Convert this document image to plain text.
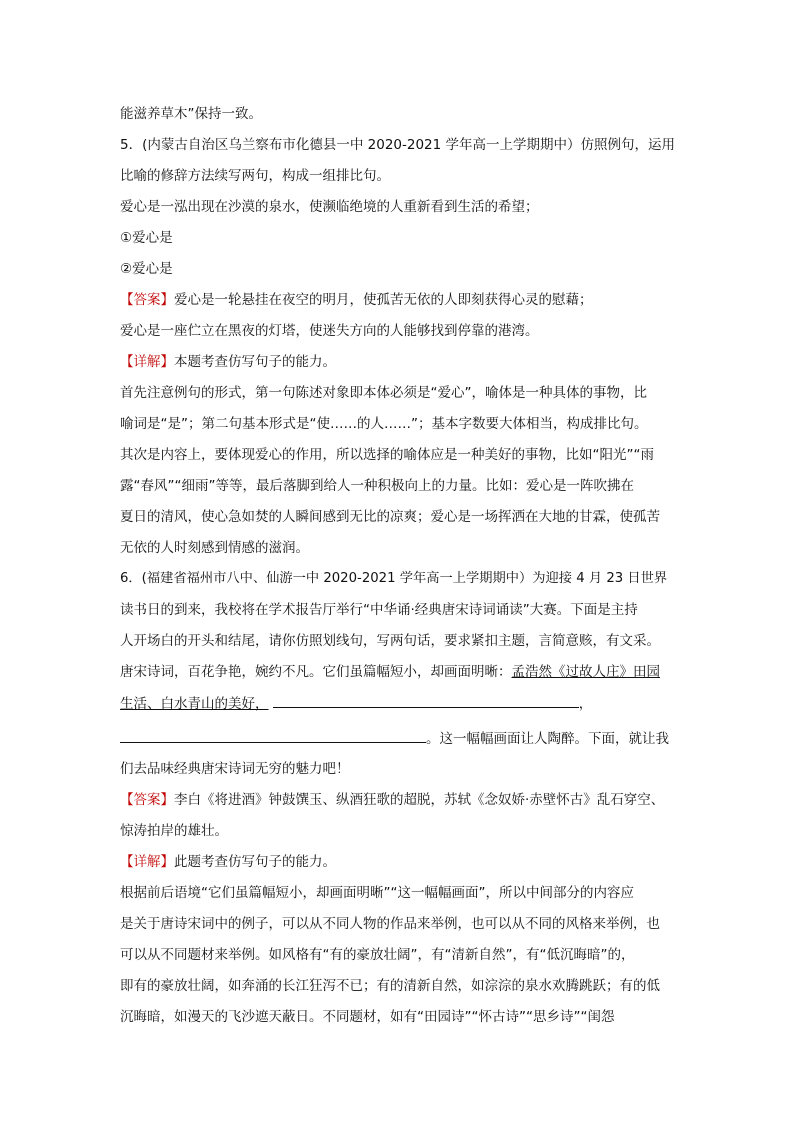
能滋养草木”保持一致。
5．(内蒙古自治区乌兰察布市化德县一中 2020-2021 学年高一上学期期中）仿照例句，运用
比喻的修辞方法续写两句，构成一组排比句。
爱心是一泓出现在沙漠的泉水，使濒临绝境的人重新看到生活的希望；
①爱心是
②爱心是
【答案】爱心是一轮悬挂在夜空的明月，使孤苦无依的人即刻获得心灵的慰藉；
爱心是一座伫立在黑夜的灯塔，使迷失方向的人能够找到停靠的港湾。
【详解】本题考查仿写句子的能力。
首先注意例句的形式，第一句陈述对象即本体必须是“爱心”，喻体是一种具体的事物，比
喻词是“是”；第二句基本形式是“使……的人……”；基本字数要大体相当，构成排比句。
其次是内容上，要体现爱心的作用，所以选择的喻体应是一种美好的事物，比如“阳光”“雨
露“春风”“细雨”等等，最后落脚到给人一种积极向上的力量。比如：爱心是一阵吹拂在
夏日的清风，使心急如焚的人瞬间感到无比的凉爽；爱心是一场挥洒在大地的甘霖，使孤苦
无依的人时刻感到情感的滋润。
6．(福建省福州市八中、仙游一中 2020-2021 学年高一上学期期中）为迎接 4 月 23 日世界
读书日的到来，我校将在学术报告厅举行“中华诵·经典唐宋诗词诵读”大赛。下面是主持
人开场白的开头和结尾，请你仿照划线句，写两句话，要求紧扣主题，言简意赅，有文采。
唐宋诗词，百花争艳，婉约不凡。它们虽篇幅短小，却画面明晰：孟浩然《过故人庄》田园
生活、白水青山的美好，	，
。这一幅幅画面让人陶醉。下面，就让我
们去品味经典唐宋诗词无穷的魅力吧！
【答案】李白《将进酒》钟鼓馔玉、纵酒狂歌的超脱，苏轼《念奴娇·赤壁怀古》乱石穿空、
惊涛拍岸的雄壮。
【详解】此题考查仿写句子的能力。
根据前后语境“它们虽篇幅短小，却画面明晰”“这一幅幅画面”，所以中间部分的内容应
是关于唐诗宋词中的例子，可以从不同人物的作品来举例，也可以从不同的风格来举例，也
可以从不同题材来举例。如风格有“有的豪放壮阔”，有“清新自然”，有“低沉晦暗”的，
即有的豪放壮阔，如奔涌的长江狂泻不已；有的清新自然，如淙淙的泉水欢腾跳跃；有的低
沉晦暗，如漫天的飞沙遮天蔽日。不同题材，如有“田园诗”“怀古诗”“思乡诗”“闺怨
